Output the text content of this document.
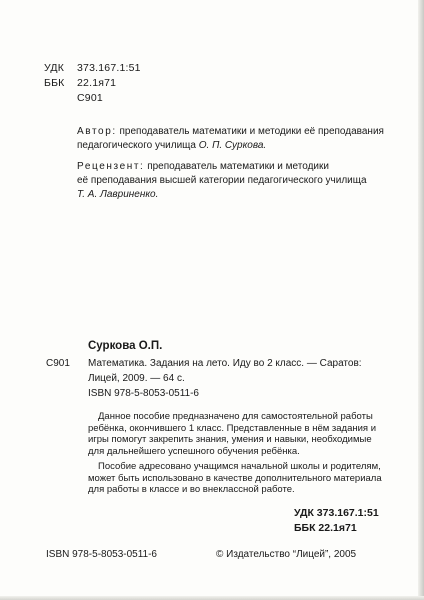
УДК 373.167.1:51
ББК 22.1я71
С901
Автор: преподаватель математики и методики её преподавания
педагогического училища О. П. Суркова.
Рецензент: преподаватель математики и методики
её преподавания высшей категории педагогического училища
Т. А. Лавриненко.
Суркова О.П.
С901 Математика. Задания на лето. Иду во 2 класс. — Саратов:
Лицей, 2009. — 64 с.
ISBN 978-5-8053-0511-6
Данное пособие предназначено для самостоятельной работы ребёнка, окончившего 1 класс. Представленные в нём задания и игры помогут закрепить знания, умения и навыки, необходимые для дальнейшего успешного обучения ребёнка.
Пособие адресовано учащимся начальной школы и родителям, может быть использовано в качестве дополнительного материала для работы в классе и во внеклассной работе.
УДК 373.167.1:51
ББК 22.1я71
ISBN 978-5-8053-0511-6	© Издательство “Лицей”, 2005
